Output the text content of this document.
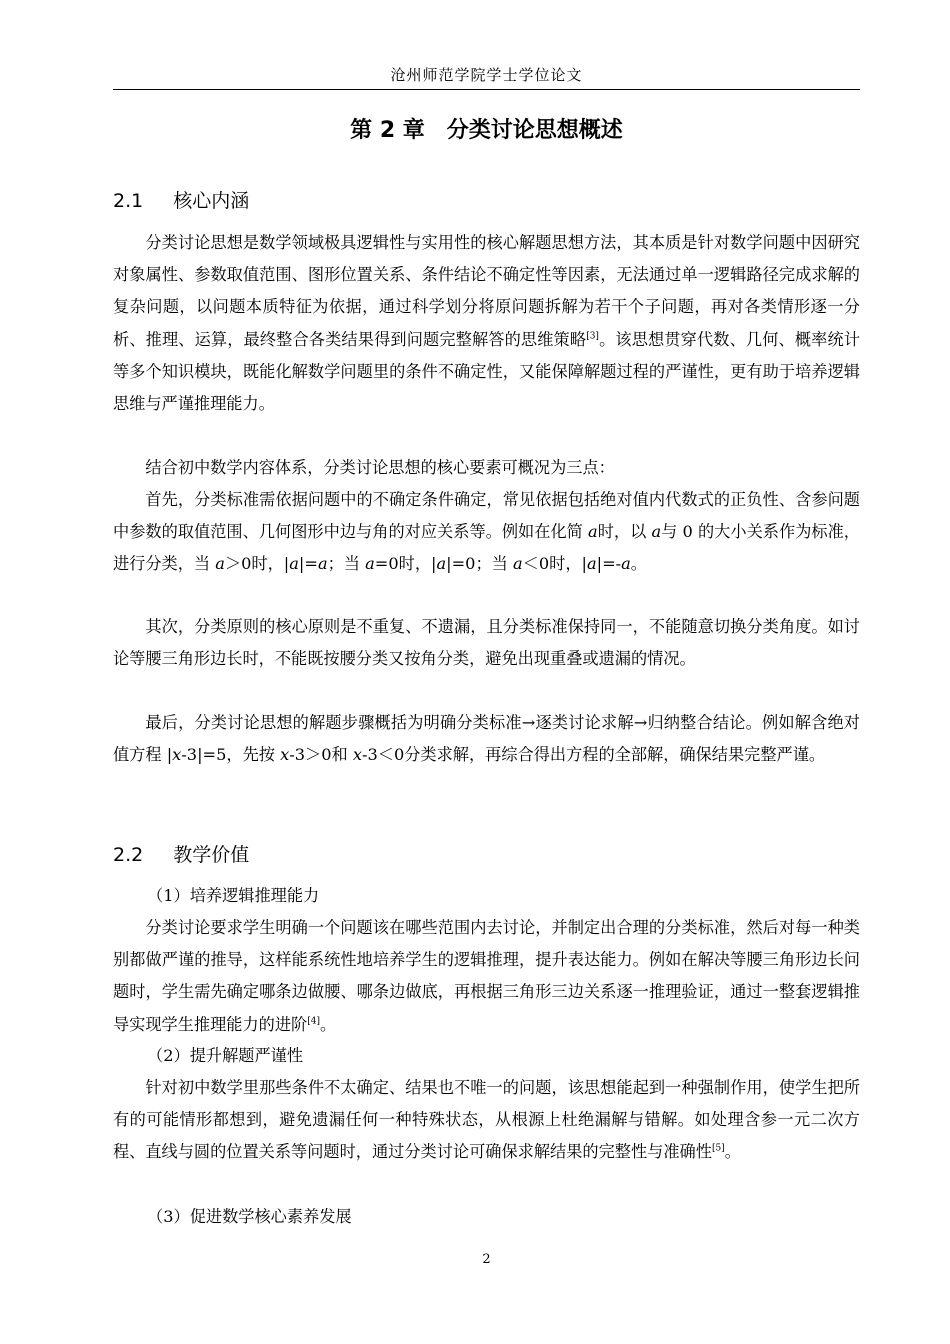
沧州师范学院学士学位论文
第 2 章　分类讨论思想概述
2.1 核心内涵

分类讨论思想是数学领域极具逻辑性与实用性的核心解题思想方法，其本质是针对数学问题中因研究对象属性、参数取值范围、图形位置关系、条件结论不确定性等因素，无法通过单一逻辑路径完成求解的复杂问题，以问题本质特征为依据，通过科学划分将原问题拆解为若干个子问题，再对各类情形逐一分析、推理、运算，最终整合各类结果得到问题完整解答的思维策略[3]。该思想贯穿代数、几何、概率统计等多个知识模块，既能化解数学问题里的条件不确定性，又能保障解题过程的严谨性，更有助于培养逻辑思维与严谨推理能力。

结合初中数学内容体系，分类讨论思想的核心要素可概况为三点：

首先，分类标准需依据问题中的不确定条件确定，常见依据包括绝对值内代数式的正负性、含参问题中参数的取值范围、几何图形中边与角的对应关系等。例如在化简 a时，以 a与 0 的大小关系作为标准，进行分类，当 a＞0时，|a|=a；当 a=0时，|a|=0；当 a＜0时，|a|=-a。

其次，分类原则的核心原则是不重复、不遗漏，且分类标准保持同一，不能随意切换分类角度。如讨论等腰三角形边长时，不能既按腰分类又按角分类，避免出现重叠或遗漏的情况。

最后，分类讨论思想的解题步骤概括为明确分类标准→逐类讨论求解→归纳整合结论。例如解含绝对值方程 |x-3|=5，先按 x-3＞0和 x-3＜0分类求解，再综合得出方程的全部解，确保结果完整严谨。

2.2 教学价值

（1）培养逻辑推理能力

分类讨论要求学生明确一个问题该在哪些范围内去讨论，并制定出合理的分类标准，然后对每一种类别都做严谨的推导，这样能系统性地培养学生的逻辑推理，提升表达能力。例如在解决等腰三角形边长问题时，学生需先确定哪条边做腰、哪条边做底，再根据三角形三边关系逐一推理验证，通过一整套逻辑推导实现学生推理能力的进阶[4]。

（2）提升解题严谨性

针对初中数学里那些条件不太确定、结果也不唯一的问题，该思想能起到一种强制作用，使学生把所有的可能情形都想到，避免遗漏任何一种特殊状态，从根源上杜绝漏解与错解。如处理含参一元二次方程、直线与圆的位置关系等问题时，通过分类讨论可确保求解结果的完整性与准确性[5]。

（3）促进数学核心素养发展

2
